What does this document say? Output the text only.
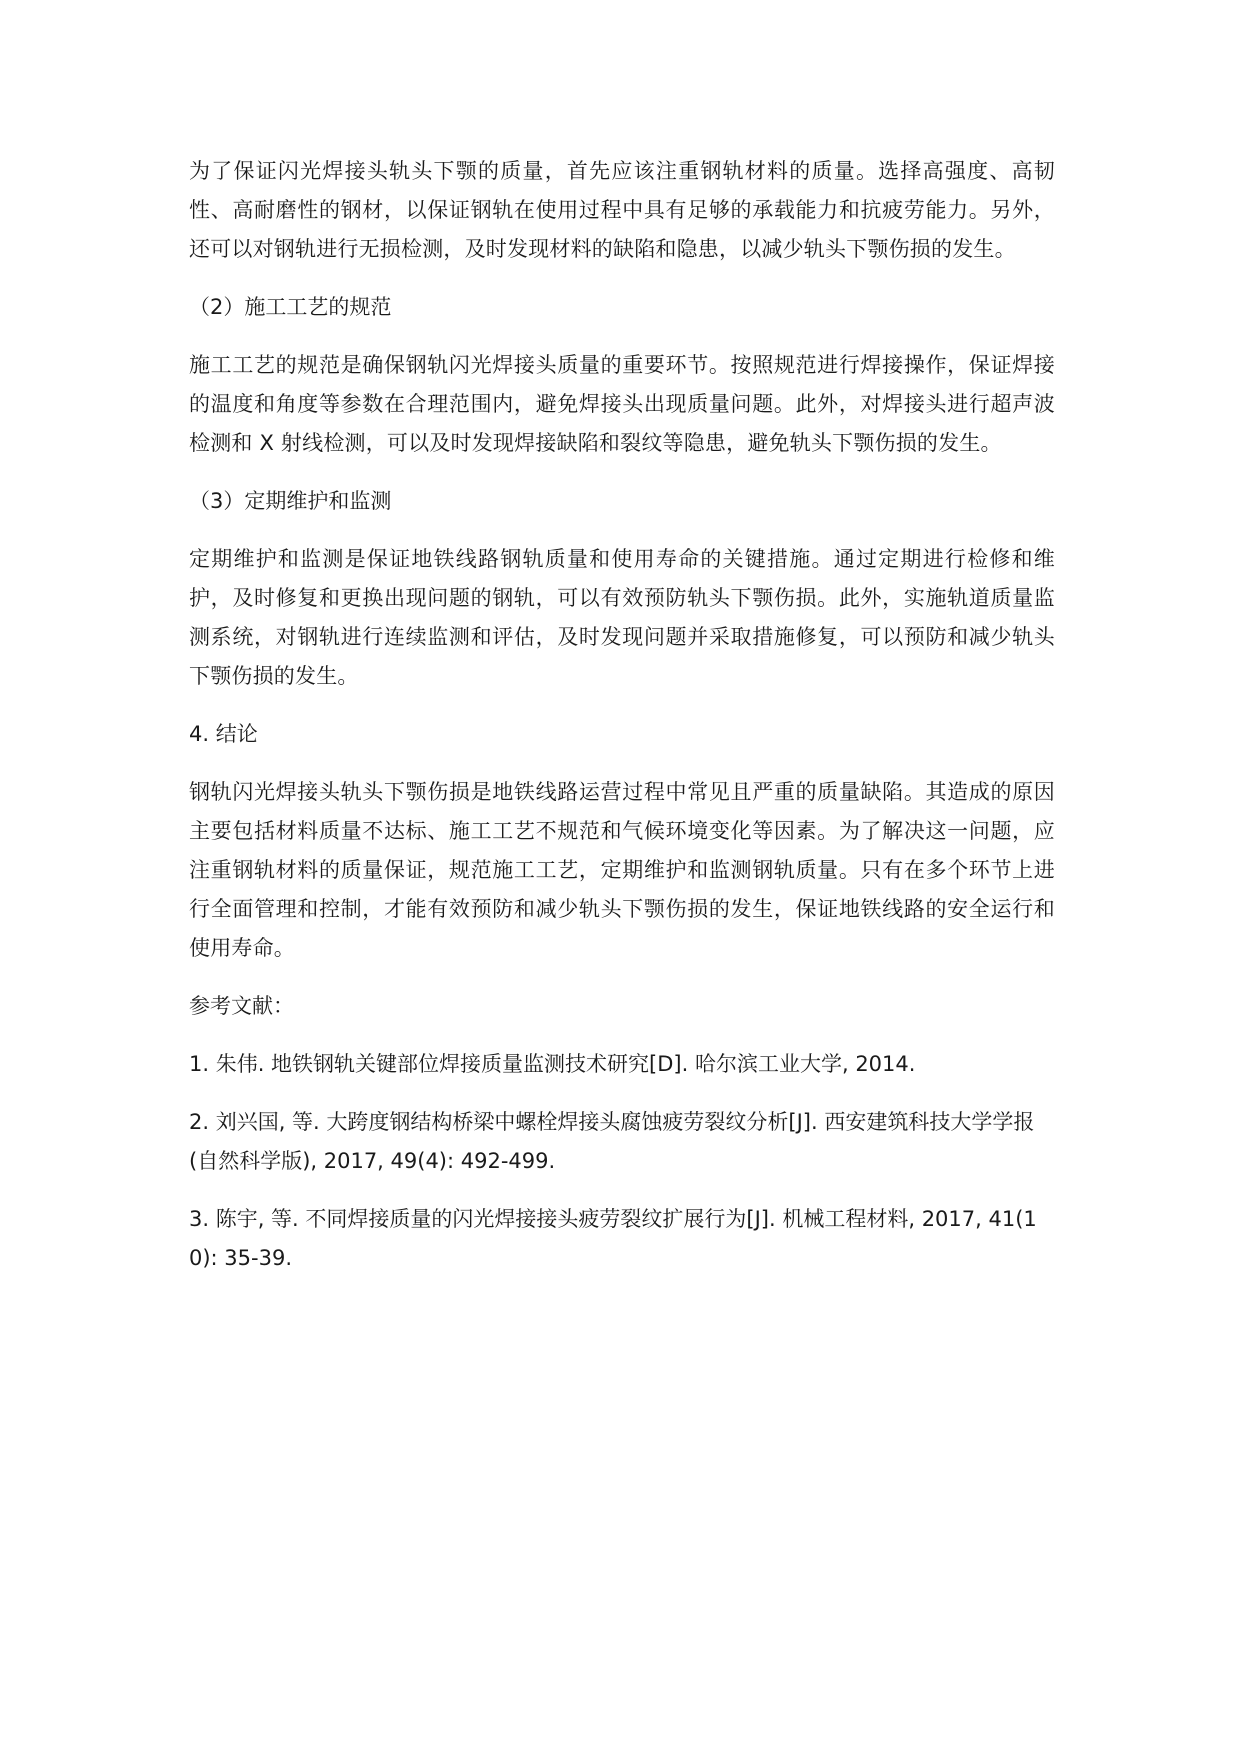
为了保证闪光焊接头轨头下颚的质量，首先应该注重钢轨材料的质量。选择高强度、高韧性、高耐磨性的钢材，以保证钢轨在使用过程中具有足够的承载能力和抗疲劳能力。另外，还可以对钢轨进行无损检测，及时发现材料的缺陷和隐患，以减少轨头下颚伤损的发生。

（2）施工工艺的规范

施工工艺的规范是确保钢轨闪光焊接头质量的重要环节。按照规范进行焊接操作，保证焊接的温度和角度等参数在合理范围内，避免焊接头出现质量问题。此外，对焊接头进行超声波检测和 X 射线检测，可以及时发现焊接缺陷和裂纹等隐患，避免轨头下颚伤损的发生。

（3）定期维护和监测

定期维护和监测是保证地铁线路钢轨质量和使用寿命的关键措施。通过定期进行检修和维护，及时修复和更换出现问题的钢轨，可以有效预防轨头下颚伤损。此外，实施轨道质量监测系统，对钢轨进行连续监测和评估，及时发现问题并采取措施修复，可以预防和减少轨头下颚伤损的发生。

4. 结论

钢轨闪光焊接头轨头下颚伤损是地铁线路运营过程中常见且严重的质量缺陷。其造成的原因主要包括材料质量不达标、施工工艺不规范和气候环境变化等因素。为了解决这一问题，应注重钢轨材料的质量保证，规范施工工艺，定期维护和监测钢轨质量。只有在多个环节上进行全面管理和控制，才能有效预防和减少轨头下颚伤损的发生，保证地铁线路的安全运行和使用寿命。

参考文献：

1. 朱伟. 地铁钢轨关键部位焊接质量监测技术研究[D]. 哈尔滨工业大学, 2014.

2. 刘兴国, 等. 大跨度钢结构桥梁中螺栓焊接头腐蚀疲劳裂纹分析[J]. 西安建筑科技大学学报(自然科学版), 2017, 49(4): 492-499.

3. 陈宇, 等. 不同焊接质量的闪光焊接接头疲劳裂纹扩展行为[J]. 机械工程材料, 2017, 41(10): 35-39.
